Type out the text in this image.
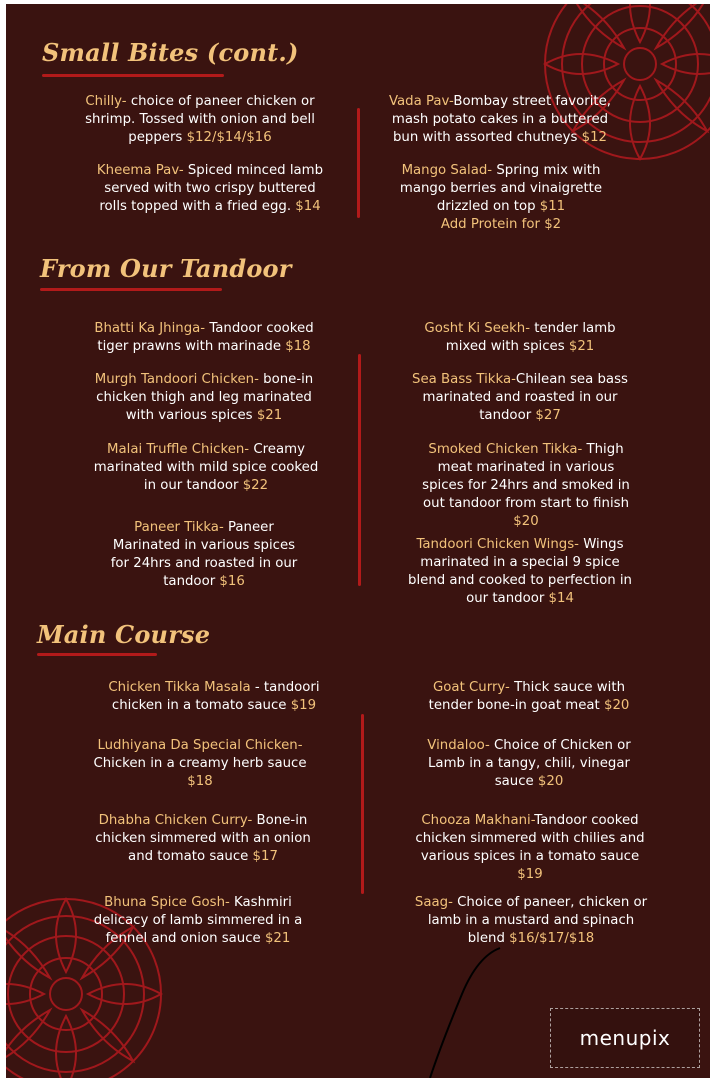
Small Bites (cont.)
Chilly- choice of paneer chicken or shrimp. Tossed with onion and bell peppers $12/$14/$16
Kheema Pav- Spiced minced lamb served with two crispy buttered rolls topped with a fried egg. $14
Vada Pav-Bombay street favorite, mash potato cakes in a buttered bun with assorted chutneys $12
Mango Salad- Spring mix with mango berries and vinaigrette drizzled on top $11
Add Protein for $2
From Our Tandoor
Bhatti Ka Jhinga- Tandoor cooked tiger prawns with marinade $18
Murgh Tandoori Chicken- bone-in chicken thigh and leg marinated with various spices $21
Malai Truffle Chicken- Creamy marinated with mild spice cooked in our tandoor $22
Paneer Tikka- Paneer Marinated in various spices for 24hrs and roasted in our tandoor $16
Gosht Ki Seekh- tender lamb mixed with spices $21
Sea Bass Tikka-Chilean sea bass marinated and roasted in our tandoor $27
Smoked Chicken Tikka- Thigh meat marinated in various spices for 24hrs and smoked in out tandoor from start to finish $20
Tandoori Chicken Wings- Wings marinated in a special 9 spice blend and cooked to perfection in our tandoor $14
Main Course
Chicken Tikka Masala - tandoori chicken in a tomato sauce $19
Ludhiyana Da Special Chicken- Chicken in a creamy herb sauce $18
Dhabha Chicken Curry- Bone-in chicken simmered with an onion and tomato sauce $17
Bhuna Spice Gosh- Kashmiri delicacy of lamb simmered in a fennel and onion sauce $21
Goat Curry- Thick sauce with tender bone-in goat meat $20
Vindaloo- Choice of Chicken or Lamb in a tangy, chili, vinegar sauce $20
Chooza Makhani-Tandoor cooked chicken simmered with chilies and various spices in a tomato sauce $19
Saag- Choice of paneer, chicken or lamb in a mustard and spinach blend $16/$17/$18
menupix
